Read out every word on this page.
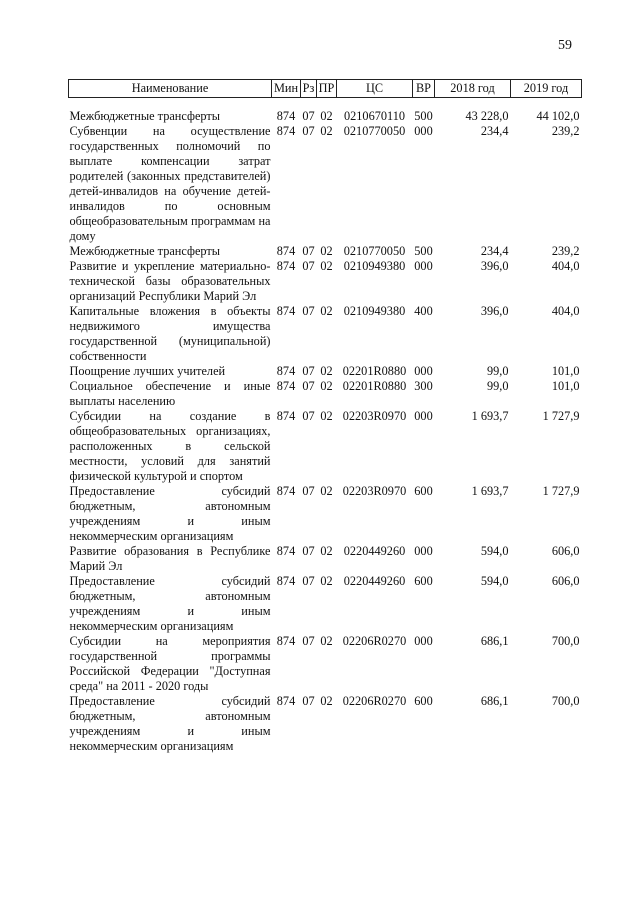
59
Наименование	Мин	Рз	ПР	ЦС	ВР	2018 год	2019 год

Межбюджетные трансферты	874	07	02	0210670110	500	43 228,0	44 102,0
Субвенции на осуществление государственных полномочий по выплате компенсации затрат родителей (законных представителей) детей-инвалидов на обучение детей-инвалидов по основным общеобразовательным программам на дому	874	07	02	0210770050	000	234,4	239,2
Межбюджетные трансферты	874	07	02	0210770050	500	234,4	239,2
Развитие и укрепление материально-технической базы образовательных организаций Республики Марий Эл	874	07	02	0210949380	000	396,0	404,0
Капитальные вложения в объекты недвижимого имущества государственной (муниципальной) собственности	874	07	02	0210949380	400	396,0	404,0
Поощрение лучших учителей	874	07	02	02201R0880	000	99,0	101,0
Социальное обеспечение и иные выплаты населению	874	07	02	02201R0880	300	99,0	101,0
Субсидии на создание в общеобразовательных организациях, расположенных в сельской местности, условий для занятий физической культурой и спортом	874	07	02	02203R0970	000	1 693,7	1 727,9
Предоставление субсидий бюджетным, автономным учреждениям и иным некоммерческим организациям	874	07	02	02203R0970	600	1 693,7	1 727,9
Развитие образования в Республике Марий Эл	874	07	02	0220449260	000	594,0	606,0
Предоставление субсидий бюджетным, автономным учреждениям и иным некоммерческим организациям	874	07	02	0220449260	600	594,0	606,0
Субсидии на мероприятия государственной программы Российской Федерации "Доступная среда" на 2011 - 2020 годы	874	07	02	02206R0270	000	686,1	700,0
Предоставление субсидий бюджетным, автономным учреждениям и иным некоммерческим организациям	874	07	02	02206R0270	600	686,1	700,0
